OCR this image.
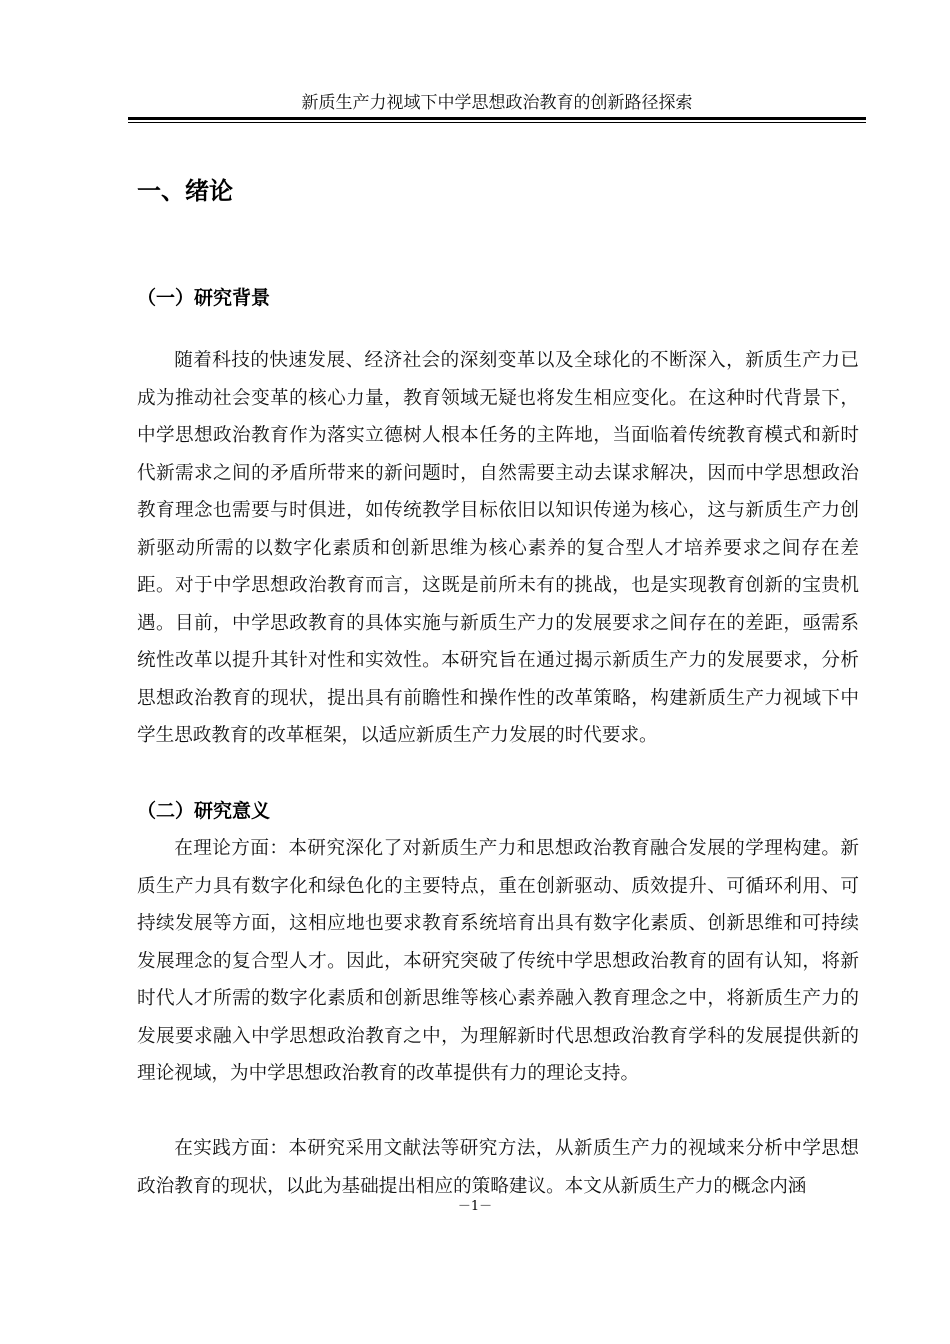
新质生产力视域下中学思想政治教育的创新路径探索
一、绪论
（一）研究背景

随着科技的快速发展、经济社会的深刻变革以及全球化的不断深入，新质生产力已成为推动社会变革的核心力量，教育领域无疑也将发生相应变化。在这种时代背景下，中学思想政治教育作为落实立德树人根本任务的主阵地，当面临着传统教育模式和新时代新需求之间的矛盾所带来的新问题时，自然需要主动去谋求解决，因而中学思想政治教育理念也需要与时俱进，如传统教学目标依旧以知识传递为核心，这与新质生产力创新驱动所需的以数字化素质和创新思维为核心素养的复合型人才培养要求之间存在差距。对于中学思想政治教育而言，这既是前所未有的挑战，也是实现教育创新的宝贵机遇。目前，中学思政教育的具体实施与新质生产力的发展要求之间存在的差距，亟需系统性改革以提升其针对性和实效性。本研究旨在通过揭示新质生产力的发展要求，分析思想政治教育的现状，提出具有前瞻性和操作性的改革策略，构建新质生产力视域下中学生思政教育的改革框架，以适应新质生产力发展的时代要求。

（二）研究意义

在理论方面：本研究深化了对新质生产力和思想政治教育融合发展的学理构建。新质生产力具有数字化和绿色化的主要特点，重在创新驱动、质效提升、可循环利用、可持续发展等方面，这相应地也要求教育系统培育出具有数字化素质、创新思维和可持续发展理念的复合型人才。因此，本研究突破了传统中学思想政治教育的固有认知，将新时代人才所需的数字化素质和创新思维等核心素养融入教育理念之中，将新质生产力的发展要求融入中学思想政治教育之中，为理解新时代思想政治教育学科的发展提供新的理论视域，为中学思想政治教育的改革提供有力的理论支持。

在实践方面：本研究采用文献法等研究方法，从新质生产力的视域来分析中学思想政治教育的现状，以此为基础提出相应的策略建议。本文从新质生产力的概念内涵

－1－
